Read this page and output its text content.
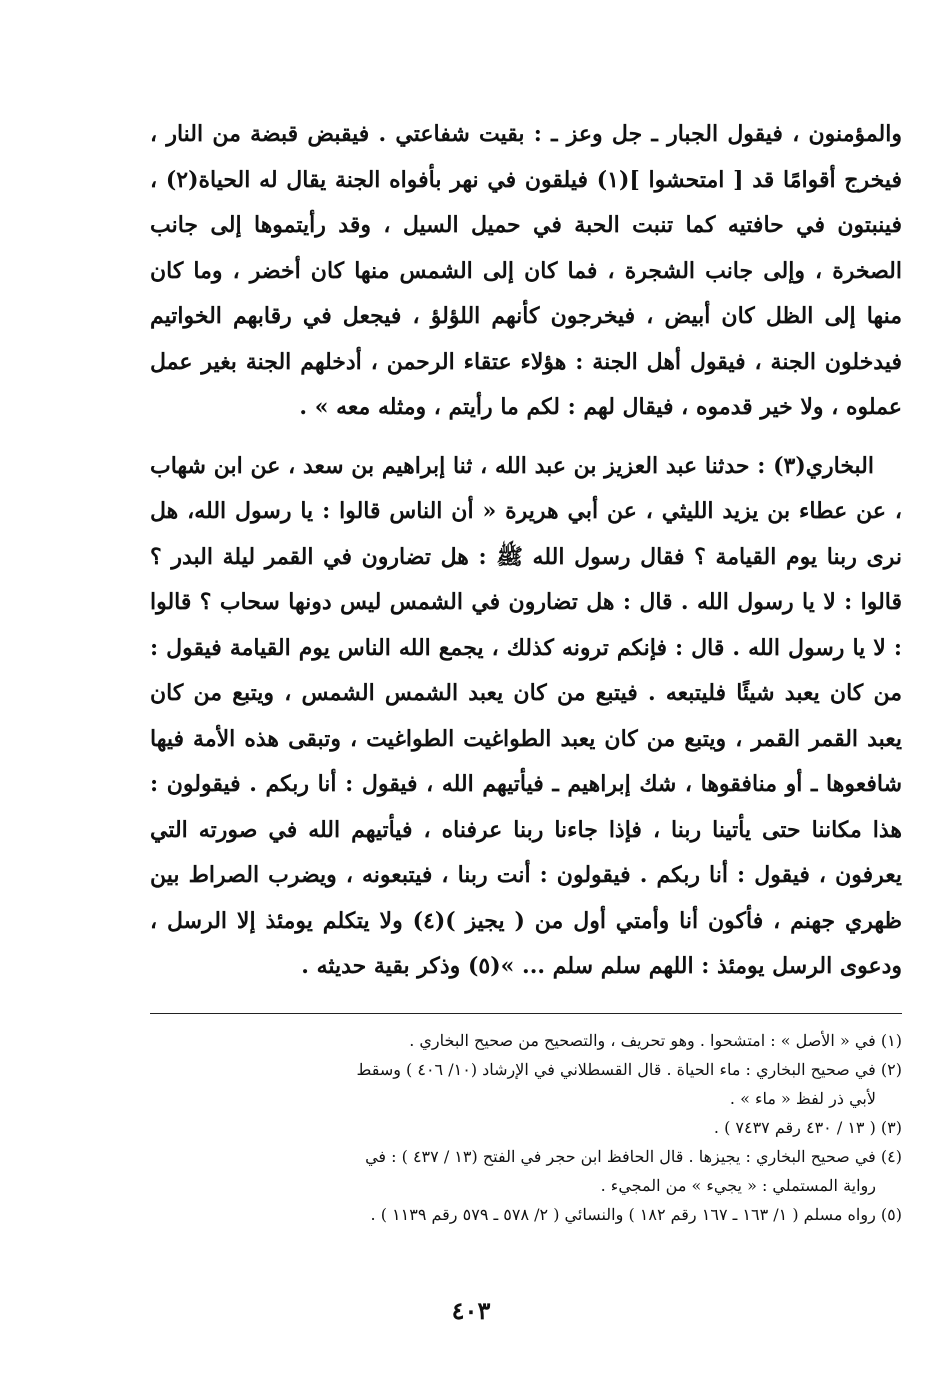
والمؤمنون ، فيقول الجبار ـ جل وعز ـ : بقيت شفاعتي . فيقبض قبضة من النار ، فيخرج أقوامًا قد [ امتحشوا ](١) فيلقون في نهر بأفواه الجنة يقال له الحياة(٢) ، فينبتون في حافتيه كما تنبت الحبة في حميل السيل ، وقد رأيتموها إلى جانب الصخرة ، وإلى جانب الشجرة ، فما كان إلى الشمس منها كان أخضر ، وما كان منها إلى الظل كان أبيض ، فيخرجون كأنهم اللؤلؤ ، فيجعل في رقابهم الخواتيم فيدخلون الجنة ، فيقول أهل الجنة : هؤلاء عتقاء الرحمن ، أدخلهم الجنة بغير عمل عملوه ، ولا خير قدموه ، فيقال لهم : لكم ما رأيتم ، ومثله معه » .

البخاري(٣) : حدثنا عبد العزيز بن عبد الله ، ثنا إبراهيم بن سعد ، عن ابن شهاب ، عن عطاء بن يزيد الليثي ، عن أبي هريرة « أن الناس قالوا : يا رسول الله، هل نرى ربنا يوم القيامة ؟ فقال رسول الله ﷺ : هل تضارون في القمر ليلة البدر ؟ قالوا : لا يا رسول الله . قال : هل تضارون في الشمس ليس دونها سحاب ؟ قالوا : لا يا رسول الله . قال : فإنكم ترونه كذلك ، يجمع الله الناس يوم القيامة فيقول : من كان يعبد شيئًا فليتبعه . فيتبع من كان يعبد الشمس الشمس ، ويتبع من كان يعبد القمر القمر ، ويتبع من كان يعبد الطواغيت الطواغيت ، وتبقى هذه الأمة فيها شافعوها ـ أو منافقوها ، شك إبراهيم ـ فيأتيهم الله ، فيقول : أنا ربكم . فيقولون : هذا مكاننا حتى يأتينا ربنا ، فإذا جاءنا ربنا عرفناه ، فيأتيهم الله في صورته التي يعرفون ، فيقول : أنا ربكم . فيقولون : أنت ربنا ، فيتبعونه ، ويضرب الصراط بين ظهري جهنم ، فأكون أنا وأمتي أول من ( يجيز )(٤) ولا يتكلم يومئذ إلا الرسل ، ودعوى الرسل يومئذ : اللهم سلم سلم ... »(٥) وذكر بقية حديثه .

(١) في « الأصل » : امتشحوا . وهو تحريف ، والتصحيح من صحيح البخاري .

(٢) في صحيح البخاري : ماء الحياة . قال القسطلاني في الإرشاد (١٠/ ٤٠٦ ) وسقط

لأبي ذر لفظ « ماء » .

(٣) ( ١٣ / ٤٣٠ رقم ٧٤٣٧ ) .

(٤) في صحيح البخاري : يجيزها . قال الحافظ ابن حجر في الفتح (١٣ / ٤٣٧ ) : في

رواية المستملي : « يجيء » من المجيء .

(٥) رواه مسلم ( ١/ ١٦٣ ـ ١٦٧ رقم ١٨٢ ) والنسائي ( ٢/ ٥٧٨ ـ ٥٧٩ رقم ١١٣٩ ) .

٤٠٣
